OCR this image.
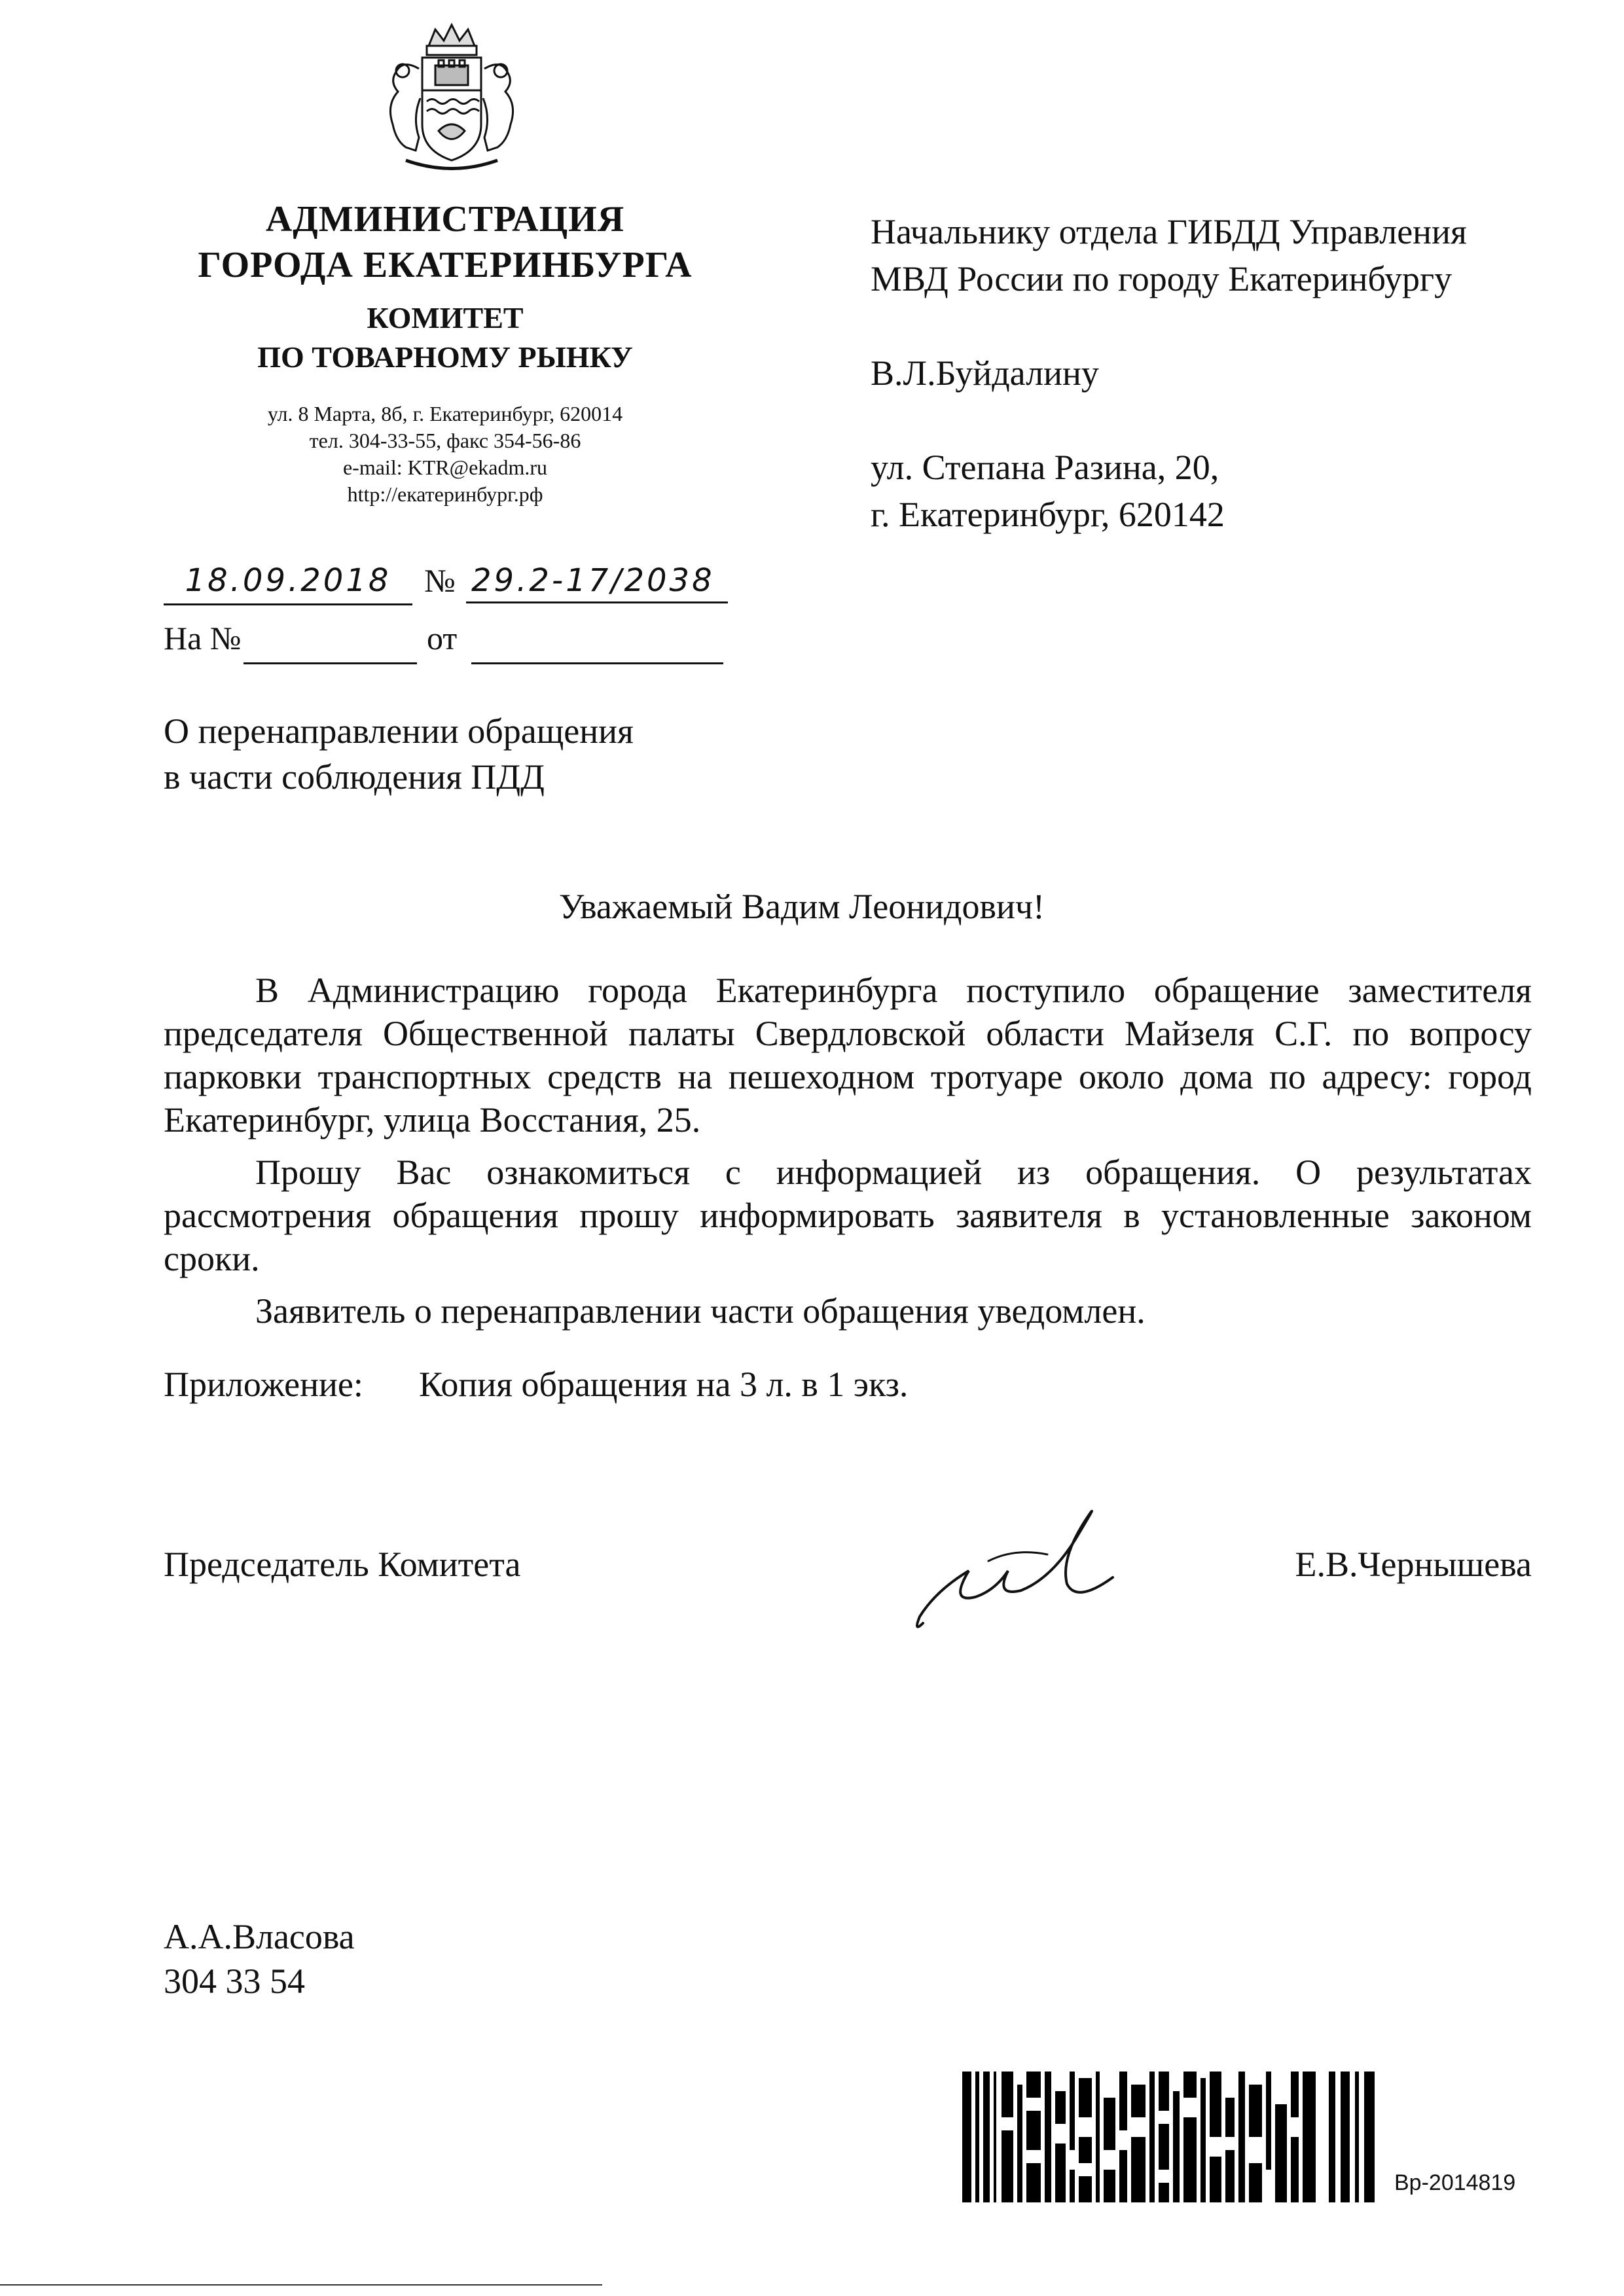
АДМИНИСТРАЦИЯ
ГОРОДА ЕКАТЕРИНБУРГА
КОМИТЕТ
ПО ТОВАРНОМУ РЫНКУ
ул. 8 Марта, 8б, г. Екатеринбург, 620014
тел. 304-33-55, факс 354-56-86
e-mail: KTR@ekadm.ru
http://екатеринбург.рф
Начальнику отдела ГИБДД Управления
МВД России по городу Екатеринбургу
В.Л.Буйдалину
ул. Степана Разина, 20,
г. Екатеринбург, 620142
18.09.2018	№ 29.2-17/2038
На №	от
О перенаправлении обращения
в части соблюдения ПДД
Уважаемый Вадим Леонидович!

В Администрацию города Екатеринбурга поступило обращение заместителя председателя Общественной палаты Свердловской области Майзеля С.Г. по вопросу парковки транспортных средств на пешеходном тротуаре около дома по адресу: город Екатеринбург, улица Восстания, 25.

Прошу Вас ознакомиться с информацией из обращения. О результатах рассмотрения обращения прошу информировать заявителя в установленные законом сроки.

Заявитель о перенаправлении части обращения уведомлен.

Приложение: Копия обращения на 3 л. в 1 экз.
Председатель Комитета	Е.В.Чернышева
А.А.Власова
304 33 54
Вр-2014819
